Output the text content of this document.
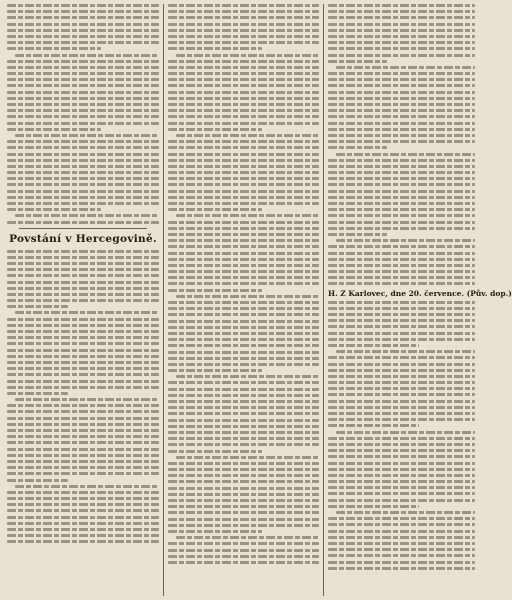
Povstání v Hercegovině.
H. Z Karlovec, dne 20. července. (Pův. dop.)
